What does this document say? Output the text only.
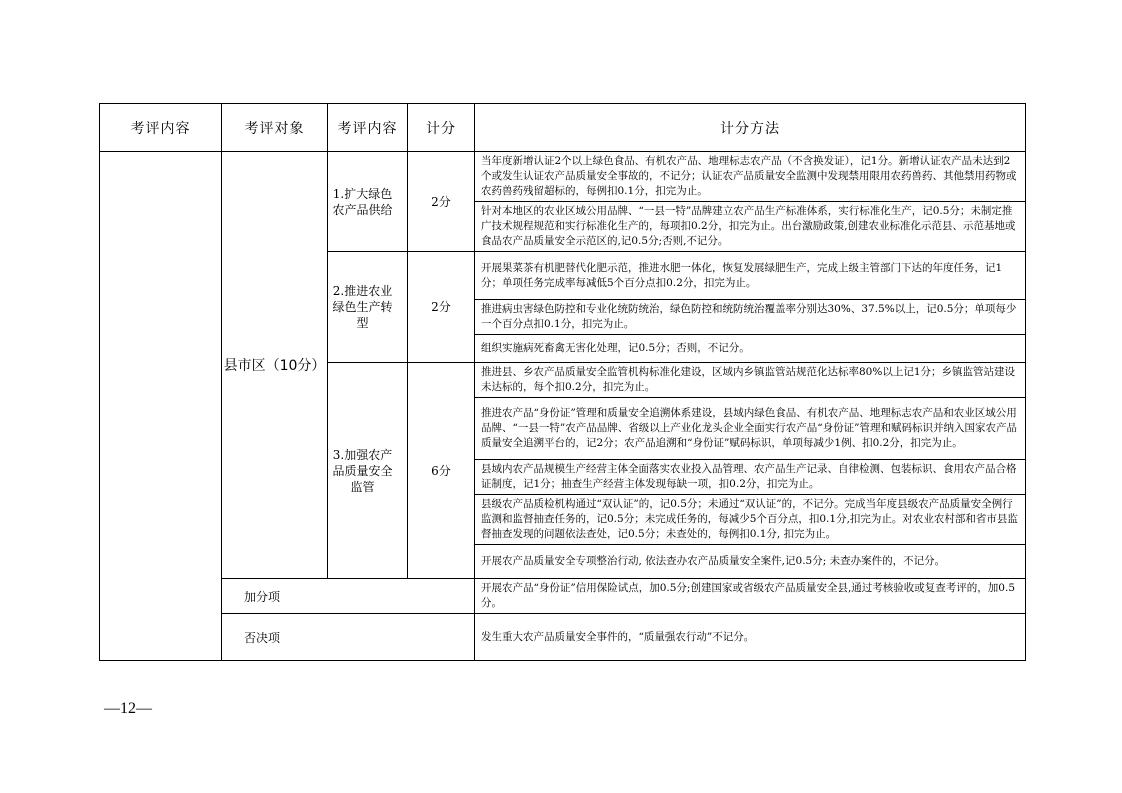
考评内容	考评对象	考评内容	计分	计分方法
	县市区（10分）	1.扩大绿色农产品供给	2分	当年度新增认证2个以上绿色食品、有机农产品、地理标志农产品（不含换发证），记1分。新增认证农产品未达到2个或发生认证农产品质量安全事故的，不记分；认证农产品质量安全监测中发现禁用限用农药兽药、其他禁用药物或农药兽药残留超标的，每例扣0.1分，扣完为止。
				针对本地区的农业区域公用品牌、“一县一特”品牌建立农产品生产标准体系，实行标准化生产，记0.5分；未制定推广技术规程规范和实行标准化生产的，每项扣0.2分，扣完为止。出台激励政策,创建农业标准化示范县、示范基地或食品农产品质量安全示范区的,记0.5分;否则,不记分。
		2.推进农业绿色生产转型	2分	开展果菜茶有机肥替代化肥示范，推进水肥一体化，恢复发展绿肥生产，完成上级主管部门下达的年度任务，记1分；单项任务完成率每减低5个百分点扣0.2分，扣完为止。
				推进病虫害绿色防控和专业化统防统治，绿色防控和统防统治覆盖率分别达30%、37.5%以上，记0.5分；单项每少一个百分点扣0.1分，扣完为止。
				组织实施病死畜禽无害化处理，记0.5分；否则，不记分。
		3.加强农产品质量安全监管	6分	推进县、乡农产品质量安全监管机构标准化建设，区域内乡镇监管站规范化达标率80%以上记1分；乡镇监管站建设未达标的，每个扣0.2分，扣完为止。
				推进农产品“身份证”管理和质量安全追溯体系建设，县域内绿色食品、有机农产品、地理标志农产品和农业区域公用品牌、“一县一特”农产品品牌、省级以上产业化龙头企业全面实行农产品“身份证”管理和赋码标识并纳入国家农产品质量安全追溯平台的，记2分；农产品追溯和“身份证”赋码标识，单项每减少1例、扣0.2分，扣完为止。
				县域内农产品规模生产经营主体全面落实农业投入品管理、农产品生产记录、自律检测、包装标识、食用农产品合格证制度，记1分；抽查生产经营主体发现每缺一项，扣0.2分，扣完为止。
				县级农产品质检机构通过“双认证”的，记0.5分；未通过“双认证”的，不记分。完成当年度县级农产品质量安全例行监测和监督抽查任务的，记0.5分；未完成任务的，每减少5个百分点，扣0.1分,扣完为止。对农业农村部和省市县监督抽查发现的问题依法查处，记0.5分；未查处的，每例扣0.1分, 扣完为止。
				开展农产品质量安全专项整治行动, 依法查办农产品质量安全案件,记0.5分; 未查办案件的，不记分。
	加分项			开展农产品“身份证”信用保险试点，加0.5分;创建国家或省级农产品质量安全县,通过考核验收或复查考评的，加0.5分。
	否决项			发生重大农产品质量安全事件的，“质量强农行动”不记分。
—12—
